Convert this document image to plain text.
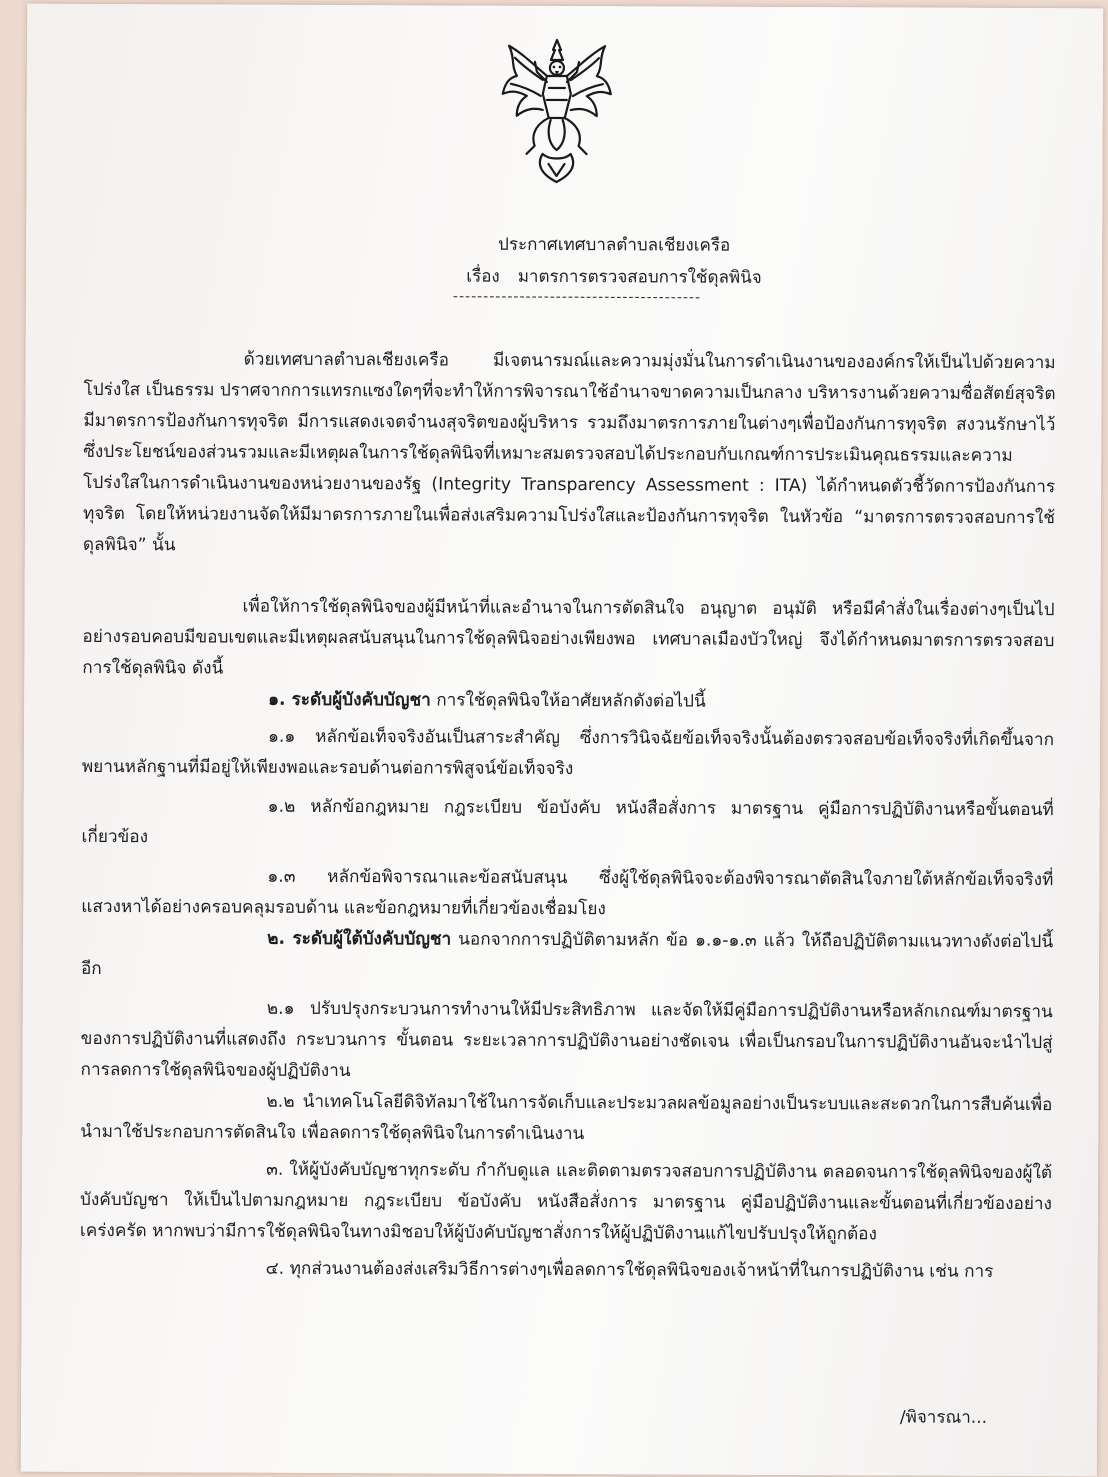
ประกาศเทศบาลตำบลเชียงเครือ
เรื่อง มาตรการตรวจสอบการใช้ดุลพินิจ
-----------------------------------------

ด้วยเทศบาลตำบลเชียงเครือ มีเจตนารมณ์และความมุ่งมั่นในการดำเนินงานขององค์กรให้เป็นไปด้วยความโปร่งใส เป็นธรรม ปราศจากการแทรกแซงใดๆที่จะทำให้การพิจารณาใช้อำนาจขาดความเป็นกลาง บริหารงานด้วยความซื่อสัตย์สุจริต มีมาตรการป้องกันการทุจริต มีการแสดงเจตจำนงสุจริตของผู้บริหาร รวมถึงมาตรการภายในต่างๆเพื่อป้องกันการทุจริต สงวนรักษาไว้ซึ่งประโยชน์ของส่วนรวมและมีเหตุผลในการใช้ดุลพินิจที่เหมาะสมตรวจสอบได้ประกอบกับเกณฑ์การประเมินคุณธรรมและความโปร่งใสในการดำเนินงานของหน่วยงานของรัฐ (Integrity Transparency Assessment : ITA) ได้กำหนดตัวชี้วัดการป้องกันการทุจริต โดยให้หน่วยงานจัดให้มีมาตรการภายในเพื่อส่งเสริมความโปร่งใสและป้องกันการทุจริต ในหัวข้อ “มาตรการตรวจสอบการใช้ดุลพินิจ” นั้น

เพื่อให้การใช้ดุลพินิจของผู้มีหน้าที่และอำนาจในการตัดสินใจ อนุญาต อนุมัติ หรือมีคำสั่งในเรื่องต่างๆเป็นไปอย่างรอบคอบมีขอบเขตและมีเหตุผลสนับสนุนในการใช้ดุลพินิจอย่างเพียงพอ เทศบาลเมืองบัวใหญ่ จึงได้กำหนดมาตรการตรวจสอบการใช้ดุลพินิจ ดังนี้

๑. ระดับผู้บังคับบัญชา การใช้ดุลพินิจให้อาศัยหลักดังต่อไปนี้

๑.๑ หลักข้อเท็จจริงอันเป็นสาระสำคัญ ซึ่งการวินิจฉัยข้อเท็จจริงนั้นต้องตรวจสอบข้อเท็จจริงที่เกิดขึ้นจากพยานหลักฐานที่มีอยู่ให้เพียงพอและรอบด้านต่อการพิสูจน์ข้อเท็จจริง

๑.๒ หลักข้อกฎหมาย กฎระเบียบ ข้อบังคับ หนังสือสั่งการ มาตรฐาน คู่มือการปฏิบัติงานหรือขั้นตอนที่เกี่ยวข้อง

๑.๓ หลักข้อพิจารณาและข้อสนับสนุน ซึ่งผู้ใช้ดุลพินิจจะต้องพิจารณาตัดสินใจภายใต้หลักข้อเท็จจริงที่แสวงหาได้อย่างครอบคลุมรอบด้าน และข้อกฎหมายที่เกี่ยวข้องเชื่อมโยง

๒. ระดับผู้ใต้บังคับบัญชา นอกจากการปฏิบัติตามหลัก ข้อ ๑.๑-๑.๓ แล้ว ให้ถือปฏิบัติตามแนวทางดังต่อไปนี้อีก

๒.๑ ปรับปรุงกระบวนการทำงานให้มีประสิทธิภาพ และจัดให้มีคู่มือการปฏิบัติงานหรือหลักเกณฑ์มาตรฐานของการปฏิบัติงานที่แสดงถึง กระบวนการ ขั้นตอน ระยะเวลาการปฏิบัติงานอย่างชัดเจน เพื่อเป็นกรอบในการปฏิบัติงานอันจะนำไปสู่การลดการใช้ดุลพินิจของผู้ปฏิบัติงาน

๒.๒ นำเทคโนโลยีดิจิทัลมาใช้ในการจัดเก็บและประมวลผลข้อมูลอย่างเป็นระบบและสะดวกในการสืบค้นเพื่อนำมาใช้ประกอบการตัดสินใจ เพื่อลดการใช้ดุลพินิจในการดำเนินงาน

๓. ให้ผู้บังคับบัญชาทุกระดับ กำกับดูแล และติดตามตรวจสอบการปฏิบัติงาน ตลอดจนการใช้ดุลพินิจของผู้ใต้บังคับบัญชา ให้เป็นไปตามกฎหมาย กฎระเบียบ ข้อบังคับ หนังสือสั่งการ มาตรฐาน คู่มือปฏิบัติงานและขั้นตอนที่เกี่ยวข้องอย่างเคร่งครัด หากพบว่ามีการใช้ดุลพินิจในทางมิชอบให้ผู้บังคับบัญชาสั่งการให้ผู้ปฏิบัติงานแก้ไขปรับปรุงให้ถูกต้อง

๔. ทุกส่วนงานต้องส่งเสริมวิธีการต่างๆเพื่อลดการใช้ดุลพินิจของเจ้าหน้าที่ในการปฏิบัติงาน เช่น การ

/พิจารณา...
